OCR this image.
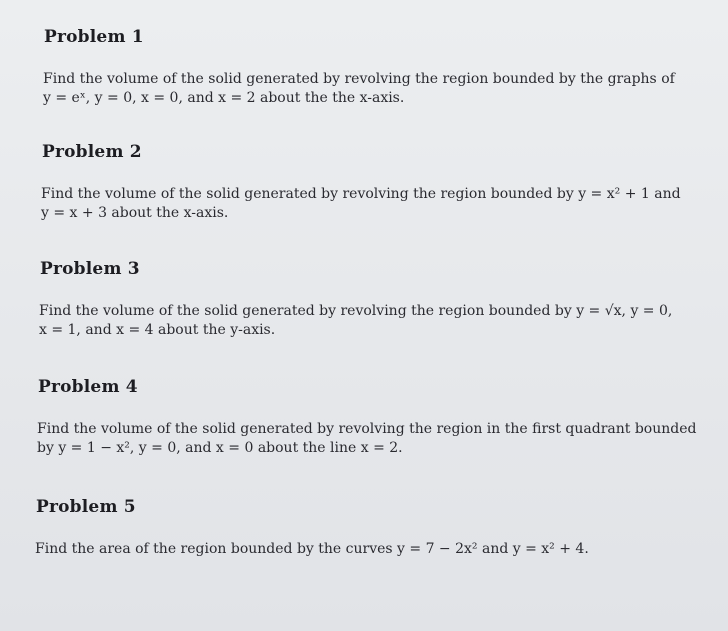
Problem 1
Find the volume of the solid generated by revolving the region bounded by the graphs of
y = eˣ, y = 0, x = 0, and x = 2 about the the x-axis.
Problem 2
Find the volume of the solid generated by revolving the region bounded by y = x² + 1 and
y = x + 3 about the x-axis.
Problem 3
Find the volume of the solid generated by revolving the region bounded by y = √x, y = 0,
x = 1, and x = 4 about the y-axis.
Problem 4
Find the volume of the solid generated by revolving the region in the first quadrant bounded
by y = 1 − x², y = 0, and x = 0 about the line x = 2.
Problem 5
Find the area of the region bounded by the curves y = 7 − 2x² and y = x² + 4.
